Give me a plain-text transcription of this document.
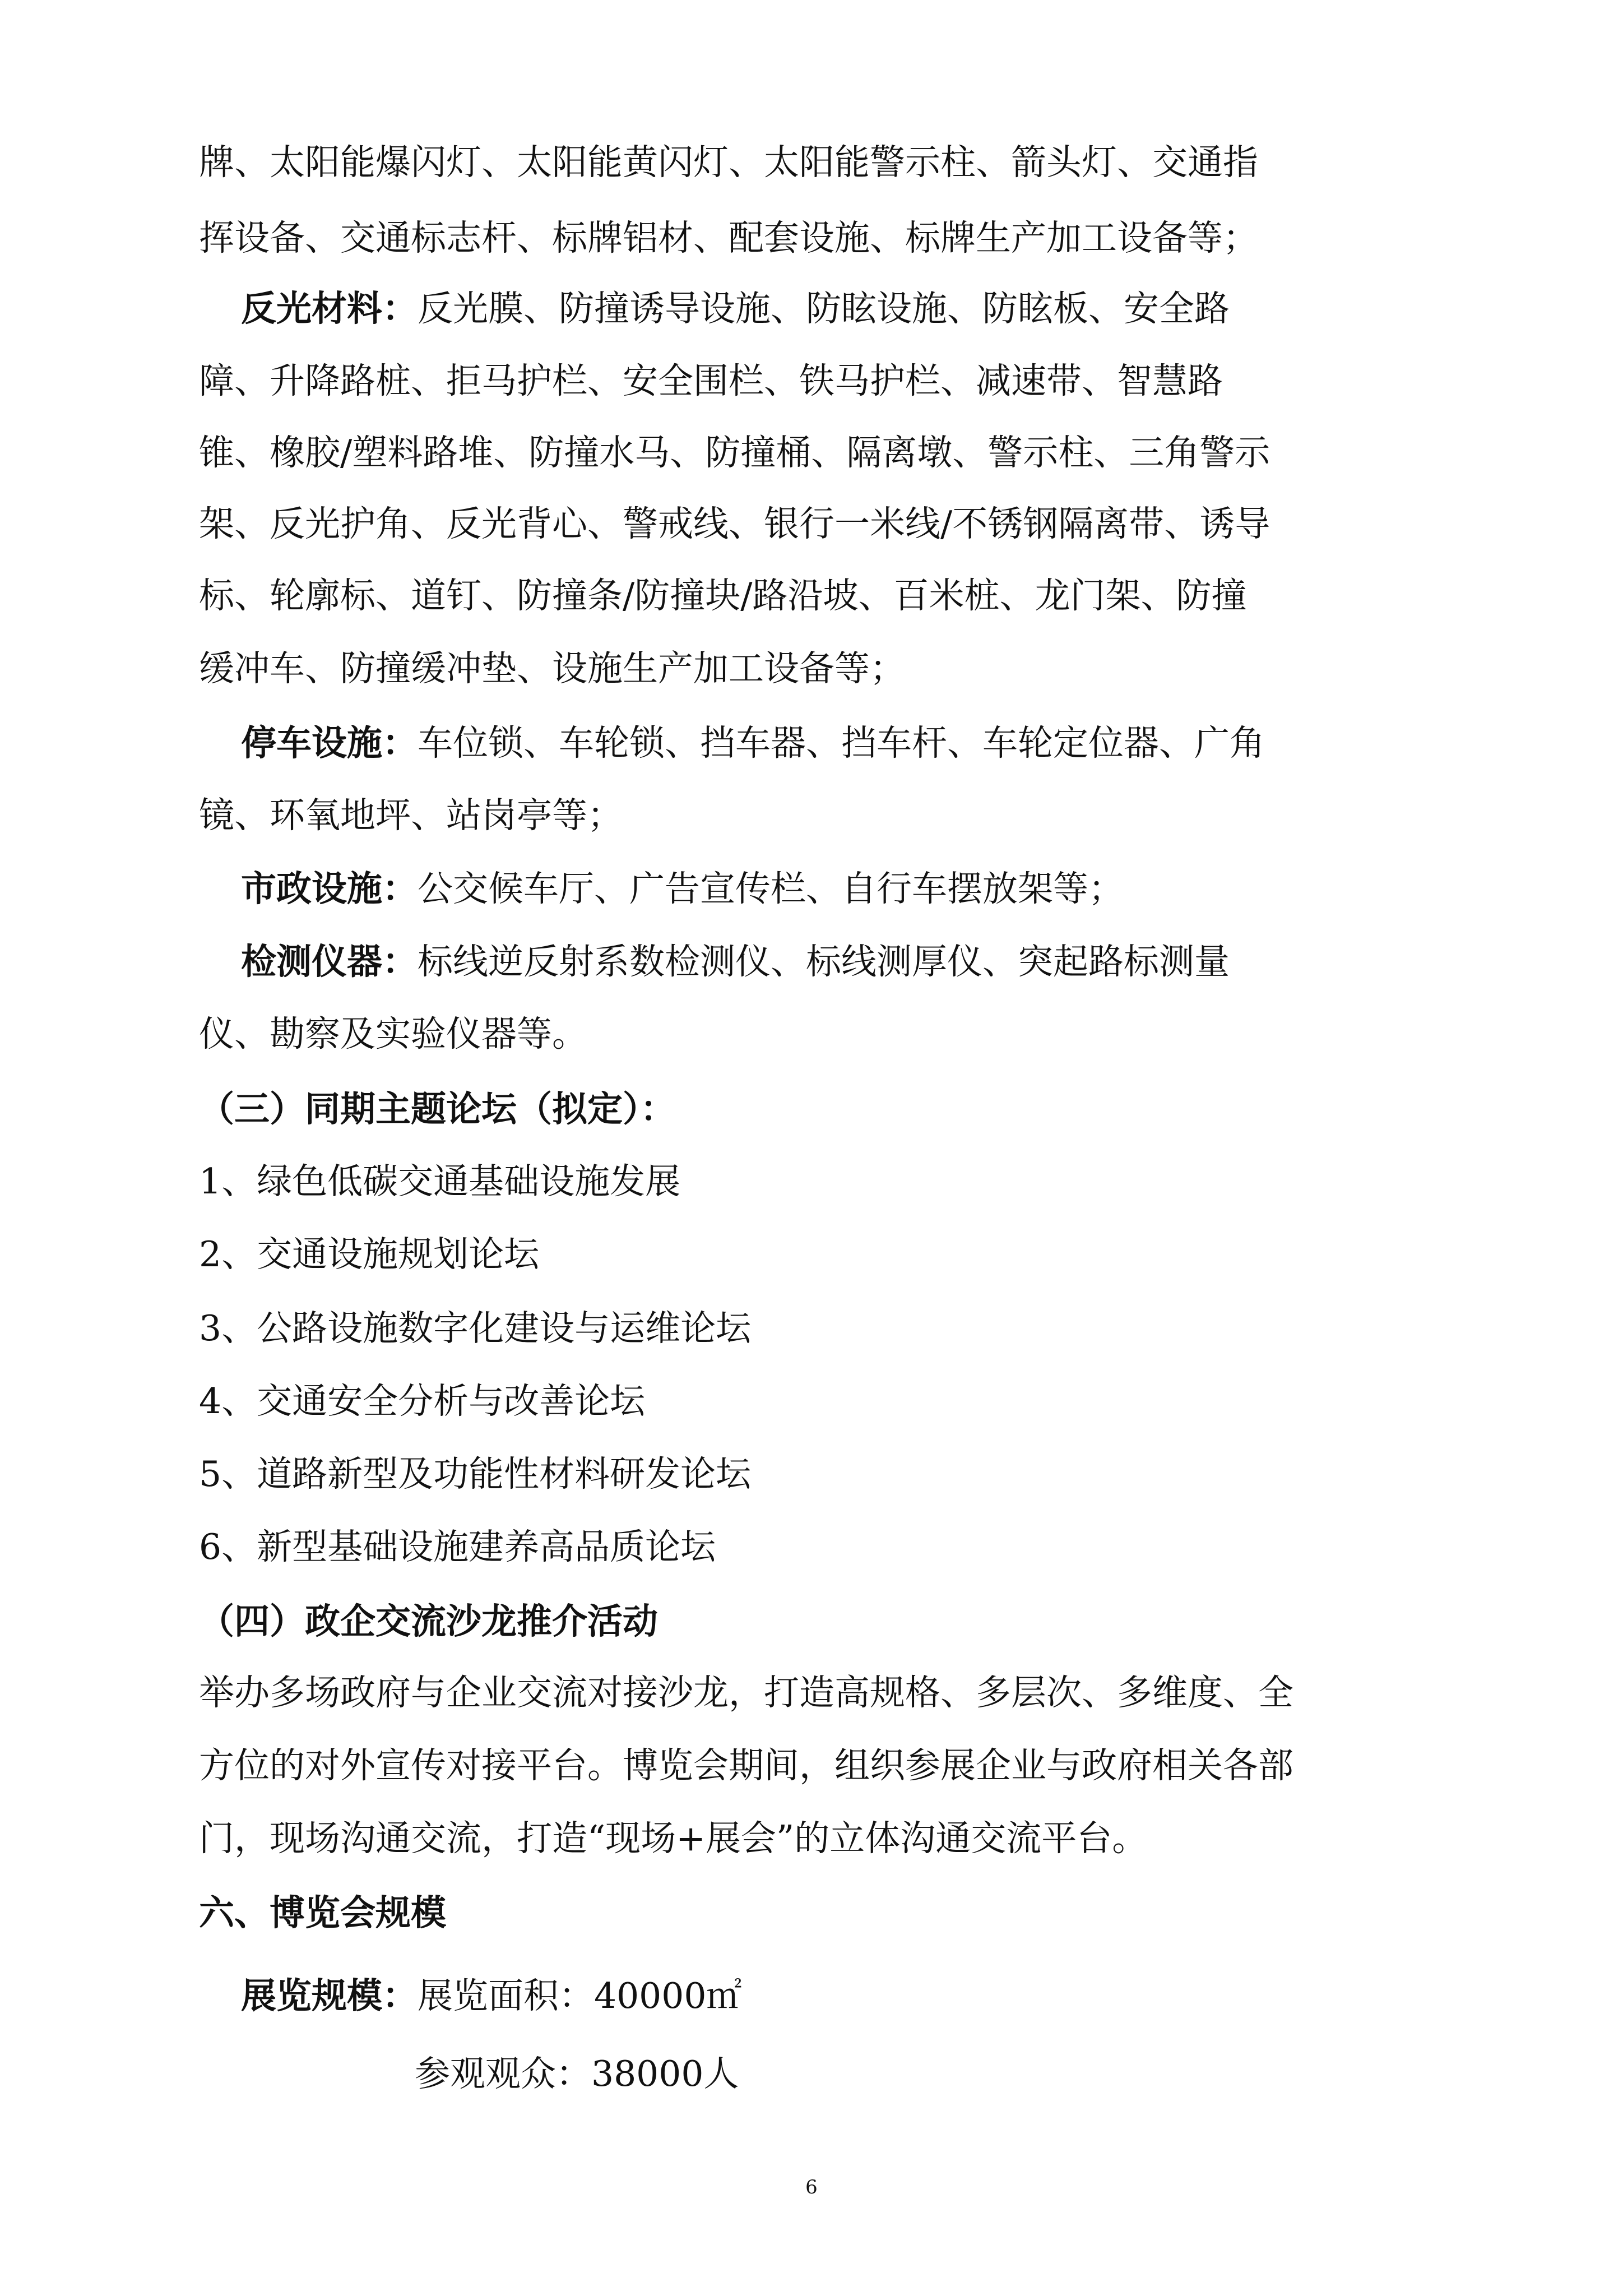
牌、太阳能爆闪灯、太阳能黄闪灯、太阳能警示柱、箭头灯、交通指
挥设备、交通标志杆、标牌铝材、配套设施、标牌生产加工设备等；
反光材料：反光膜、防撞诱导设施、防眩设施、防眩板、安全路
障、升降路桩、拒马护栏、安全围栏、铁马护栏、减速带、智慧路
锥、橡胶/塑料路堆、防撞水马、防撞桶、隔离墩、警示柱、三角警示
架、反光护角、反光背心、警戒线、银行一米线/不锈钢隔离带、诱导
标、轮廓标、道钉、防撞条/防撞块/路沿坡、百米桩、龙门架、防撞
缓冲车、防撞缓冲垫、设施生产加工设备等；
停车设施：车位锁、车轮锁、挡车器、挡车杆、车轮定位器、广角
镜、环氧地坪、站岗亭等；
市政设施：公交候车厅、广告宣传栏、自行车摆放架等；
检测仪器：标线逆反射系数检测仪、标线测厚仪、突起路标测量
仪、勘察及实验仪器等。
（三）同期主题论坛（拟定）：
1、绿色低碳交通基础设施发展
2、交通设施规划论坛
3、公路设施数字化建设与运维论坛
4、交通安全分析与改善论坛
5、道路新型及功能性材料研发论坛
6、新型基础设施建养高品质论坛
（四）政企交流沙龙推介活动
举办多场政府与企业交流对接沙龙，打造高规格、多层次、多维度、全
方位的对外宣传对接平台。博览会期间，组织参展企业与政府相关各部
门，现场沟通交流，打造“现场+展会”的立体沟通交流平台。
六、博览会规模
展览规模：展览面积：40000㎡
参观观众：38000人
6
